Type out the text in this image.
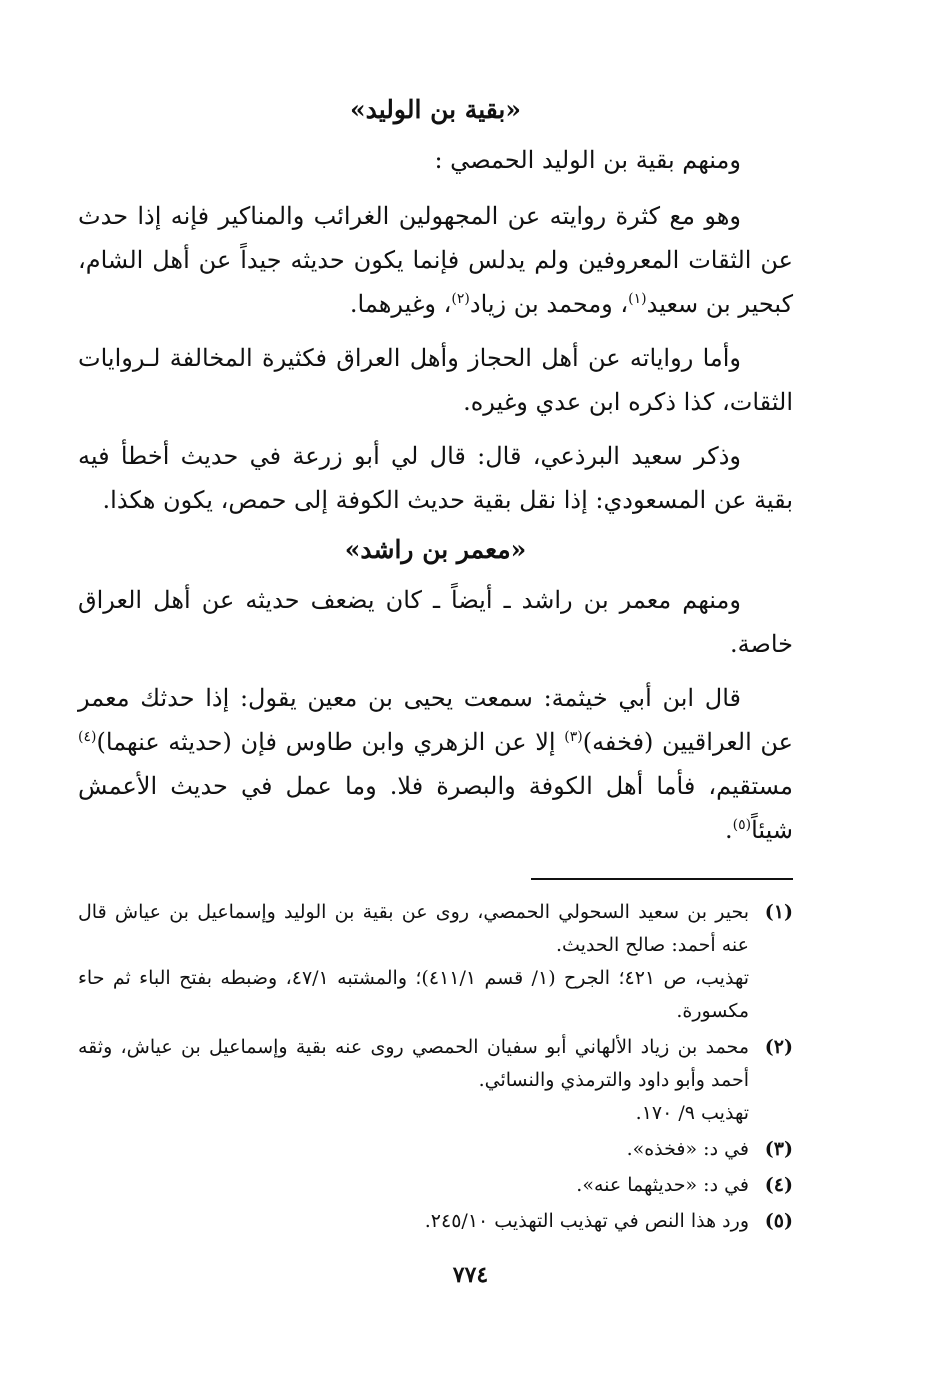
«بقية بن الوليد»

ومنهم بقية بن الوليد الحمصي :

وهو مع كثرة روايته عن المجهولين الغرائب والمناكير فإنه إذا حدث عن الثقات المعروفين ولم يدلس فإنما يكون حديثه جيداً عن أهل الشام، كبحير بن سعيد$^{(١)}$، ومحمد بن زياد$^{(٢)}$، وغيرهما.

وأما رواياته عن أهل الحجاز وأهل العراق فكثيرة المخالفة لـروايات الثقات، كذا ذكره ابن عدي وغيره.

وذكر سعيد البرذعي، قال: قال لي أبو زرعة في حديث أخطأ فيه بقية عن المسعودي: إذا نقل بقية حديث الكوفة إلى حمص، يكون هكذا.

«معمر بن راشد»

ومنهم معمر بن راشد ـ أيضاً ـ كان يضعف حديثه عن أهل العراق خاصة.

قال ابن أبي خيثمة: سمعت يحيى بن معين يقول: إذا حدثك معمر عن العراقيين (فخفه)$^{(٣)}$ إلا عن الزهري وابن طاوس فإن (حديثه عنهما)$^{(٤)}$ مستقيم، فأما أهل الكوفة والبصرة فلا. وما عمل في حديث الأعمش شيئاً$^{(٥)}$.

(١)

بحير بن سعيد السحولي الحمصي، روى عن بقية بن الوليد وإسماعيل بن عياش قال عنه أحمد: صالح الحديث.

تهذيب، ص ٤٢١؛ الجرح (١/ قسم ٤١١/١)؛ والمشتبه ٤٧/١، وضبطه بفتح الباء ثم حاء مكسورة.

(٢)

محمد بن زياد الألهاني أبو سفيان الحمصي روى عنه بقية وإسماعيل بن عياش، وثقه أحمد وأبو داود والترمذي والنسائي.

تهذيب ٩/ ١٧٠.

(٣)

في د: «فخذه».

(٤)

في د: «حديثهما عنه».

(٥)

ورد هذا النص في تهذيب التهذيب ٢٤٥/١٠.

٧٧٤
